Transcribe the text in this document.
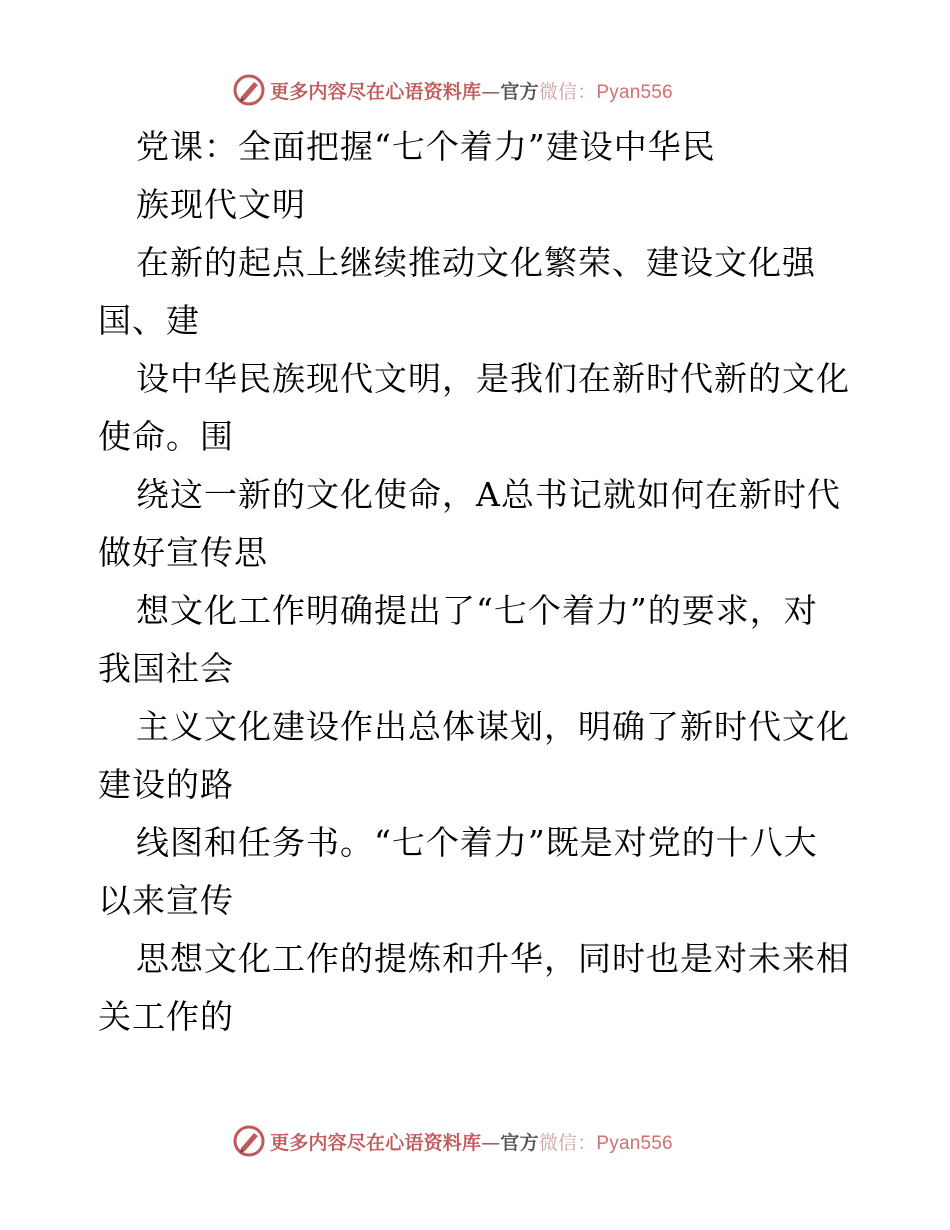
更多内容尽在心语资料库—官方微信：Pyan556
党课：全面把握“七个着力”建设中华民
族现代文明
在新的起点上继续推动文化繁荣、建设文化强
国、建
设中华民族现代文明，是我们在新时代新的文化
使命。围
绕这一新的文化使命，A总书记就如何在新时代
做好宣传思
想文化工作明确提出了“七个着力”的要求，对
我国社会
主义文化建设作出总体谋划，明确了新时代文化
建设的路
线图和任务书。“七个着力”既是对党的十八大
以来宣传
思想文化工作的提炼和升华，同时也是对未来相
关工作的
更多内容尽在心语资料库—官方微信：Pyan556
